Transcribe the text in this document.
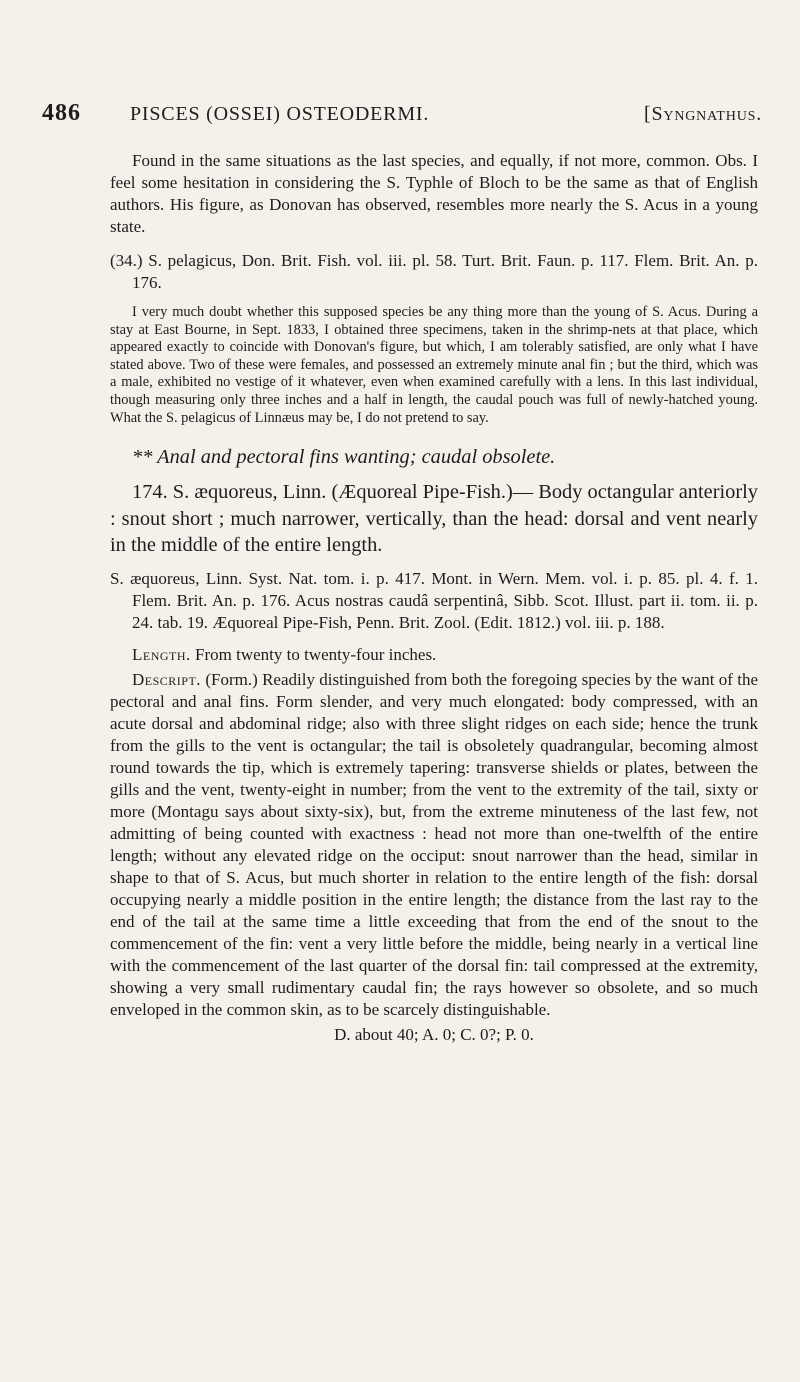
486 PISCES (OSSEI) OSTEODERMI.	[Syngnathus.

Found in the same situations as the last species, and equally, if not more, common. Obs. I feel some hesitation in considering the S. Typhle of Bloch to be the same as that of English authors. His figure, as Donovan has observed, resembles more nearly the S. Acus in a young state.

(34.) S. pelagicus, Don. Brit. Fish. vol. iii. pl. 58. Turt. Brit. Faun. p. 117. Flem. Brit. An. p. 176.

I very much doubt whether this supposed species be any thing more than the young of S. Acus. During a stay at East Bourne, in Sept. 1833, I obtained three specimens, taken in the shrimp-nets at that place, which appeared exactly to coincide with Donovan's figure, but which, I am tolerably satisfied, are only what I have stated above. Two of these were females, and possessed an extremely minute anal fin ; but the third, which was a male, exhibited no vestige of it whatever, even when examined carefully with a lens. In this last individual, though measuring only three inches and a half in length, the caudal pouch was full of newly-hatched young. What the S. pelagicus of Linnæus may be, I do not pretend to say.

** Anal and pectoral fins wanting; caudal obsolete.

174. S. æquoreus, Linn. (Æquoreal Pipe-Fish.)— Body octangular anteriorly : snout short ; much narrower, vertically, than the head: dorsal and vent nearly in the middle of the entire length.

S. æquoreus, Linn. Syst. Nat. tom. i. p. 417. Mont. in Wern. Mem. vol. i. p. 85. pl. 4. f. 1. Flem. Brit. An. p. 176. Acus nostras caudâ serpentinâ, Sibb. Scot. Illust. part ii. tom. ii. p. 24. tab. 19. Æquoreal Pipe-Fish, Penn. Brit. Zool. (Edit. 1812.) vol. iii. p. 188.

Length. From twenty to twenty-four inches.

Descript. (Form.) Readily distinguished from both the foregoing species by the want of the pectoral and anal fins. Form slender, and very much elongated: body compressed, with an acute dorsal and abdominal ridge; also with three slight ridges on each side; hence the trunk from the gills to the vent is octangular; the tail is obsoletely quadrangular, becoming almost round towards the tip, which is extremely tapering: transverse shields or plates, between the gills and the vent, twenty-eight in number; from the vent to the extremity of the tail, sixty or more (Montagu says about sixty-six), but, from the extreme minuteness of the last few, not admitting of being counted with exactness : head not more than one-twelfth of the entire length; without any elevated ridge on the occiput: snout narrower than the head, similar in shape to that of S. Acus, but much shorter in relation to the entire length of the fish: dorsal occupying nearly a middle position in the entire length; the distance from the last ray to the end of the tail at the same time a little exceeding that from the end of the snout to the commencement of the fin: vent a very little before the middle, being nearly in a vertical line with the commencement of the last quarter of the dorsal fin: tail compressed at the extremity, showing a very small rudimentary caudal fin; the rays however so obsolete, and so much enveloped in the common skin, as to be scarcely distinguishable.

D. about 40; A. 0; C. 0?; P. 0.
